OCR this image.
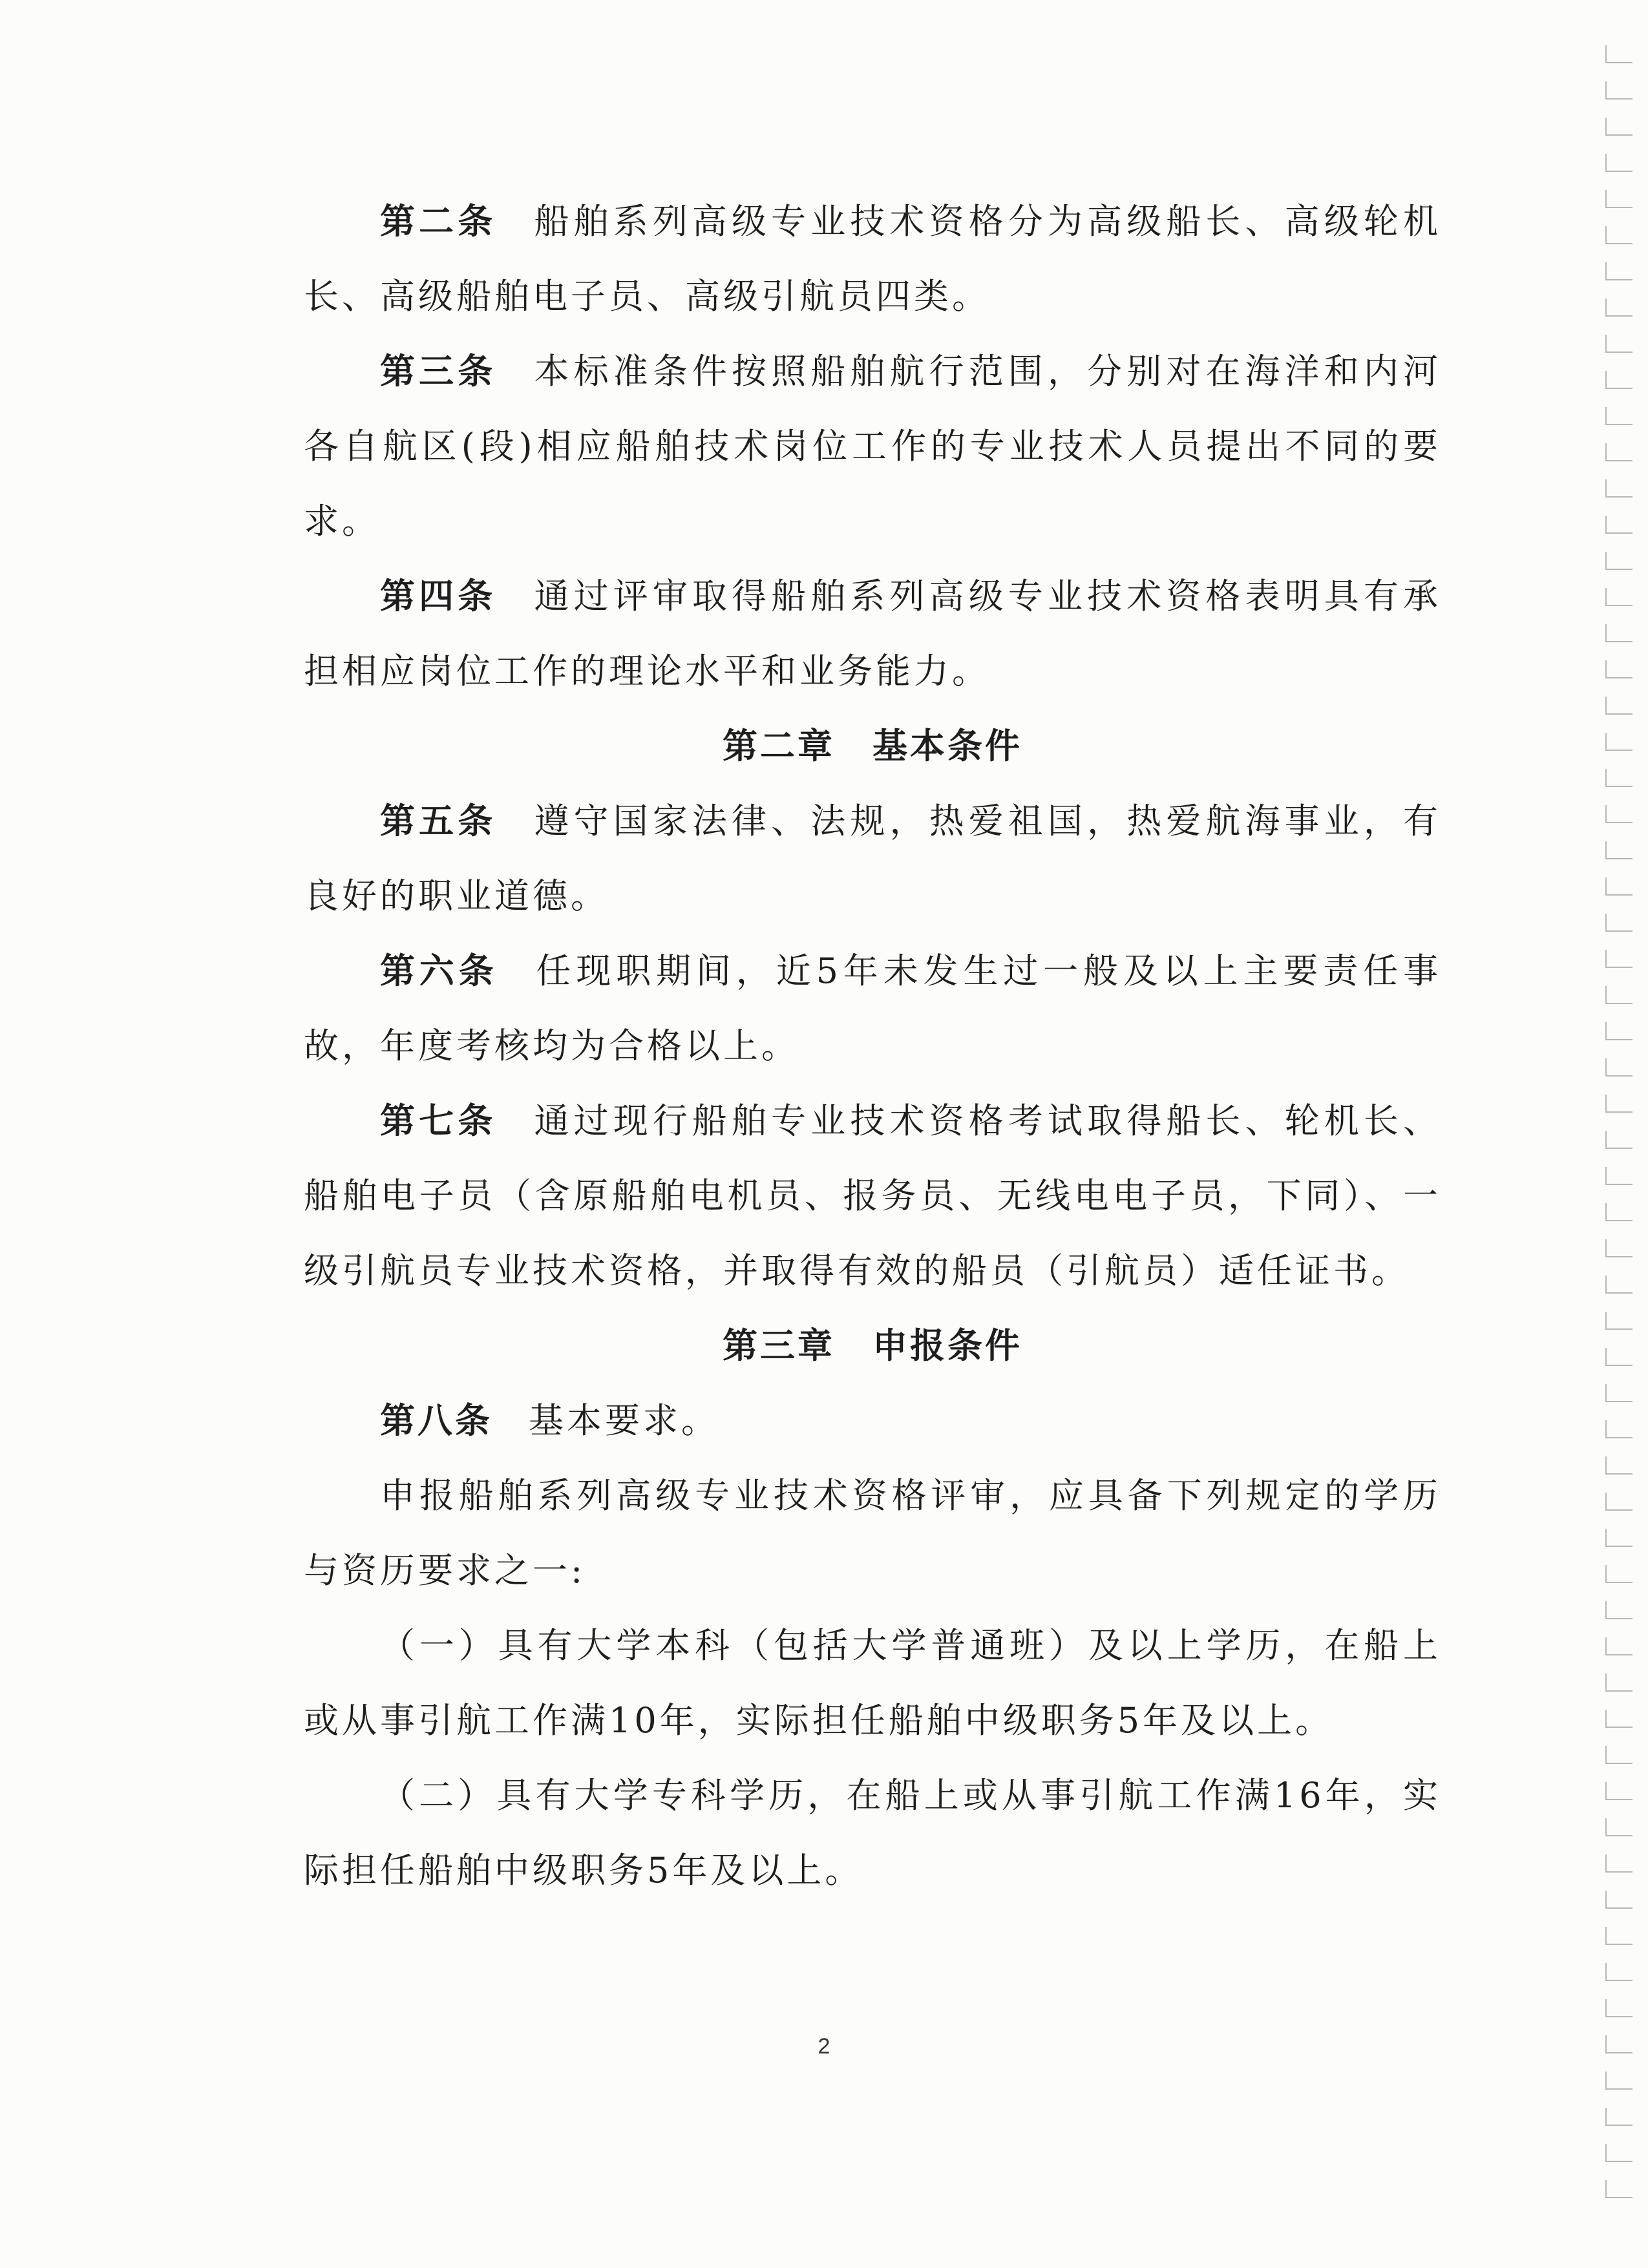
第二条 船舶系列高级专业技术资格分为高级船长、高级轮机长、高级船舶电子员、高级引航员四类。

第三条 本标准条件按照船舶航行范围，分别对在海洋和内河各自航区(段)相应船舶技术岗位工作的专业技术人员提出不同的要求。

第四条 通过评审取得船舶系列高级专业技术资格表明具有承担相应岗位工作的理论水平和业务能力。

第二章　基本条件

第五条 遵守国家法律、法规，热爱祖国，热爱航海事业，有良好的职业道德。

第六条 任现职期间，近5年未发生过一般及以上主要责任事故，年度考核均为合格以上。

第七条 通过现行船舶专业技术资格考试取得船长、轮机长、船舶电子员（含原船舶电机员、报务员、无线电电子员，下同）、一级引航员专业技术资格，并取得有效的船员（引航员）适任证书。

第三章　申报条件

第八条 基本要求。

申报船舶系列高级专业技术资格评审，应具备下列规定的学历与资历要求之一:

（一）具有大学本科（包括大学普通班）及以上学历，在船上或从事引航工作满10年，实际担任船舶中级职务5年及以上。

（二）具有大学专科学历，在船上或从事引航工作满16年，实际担任船舶中级职务5年及以上。

2
